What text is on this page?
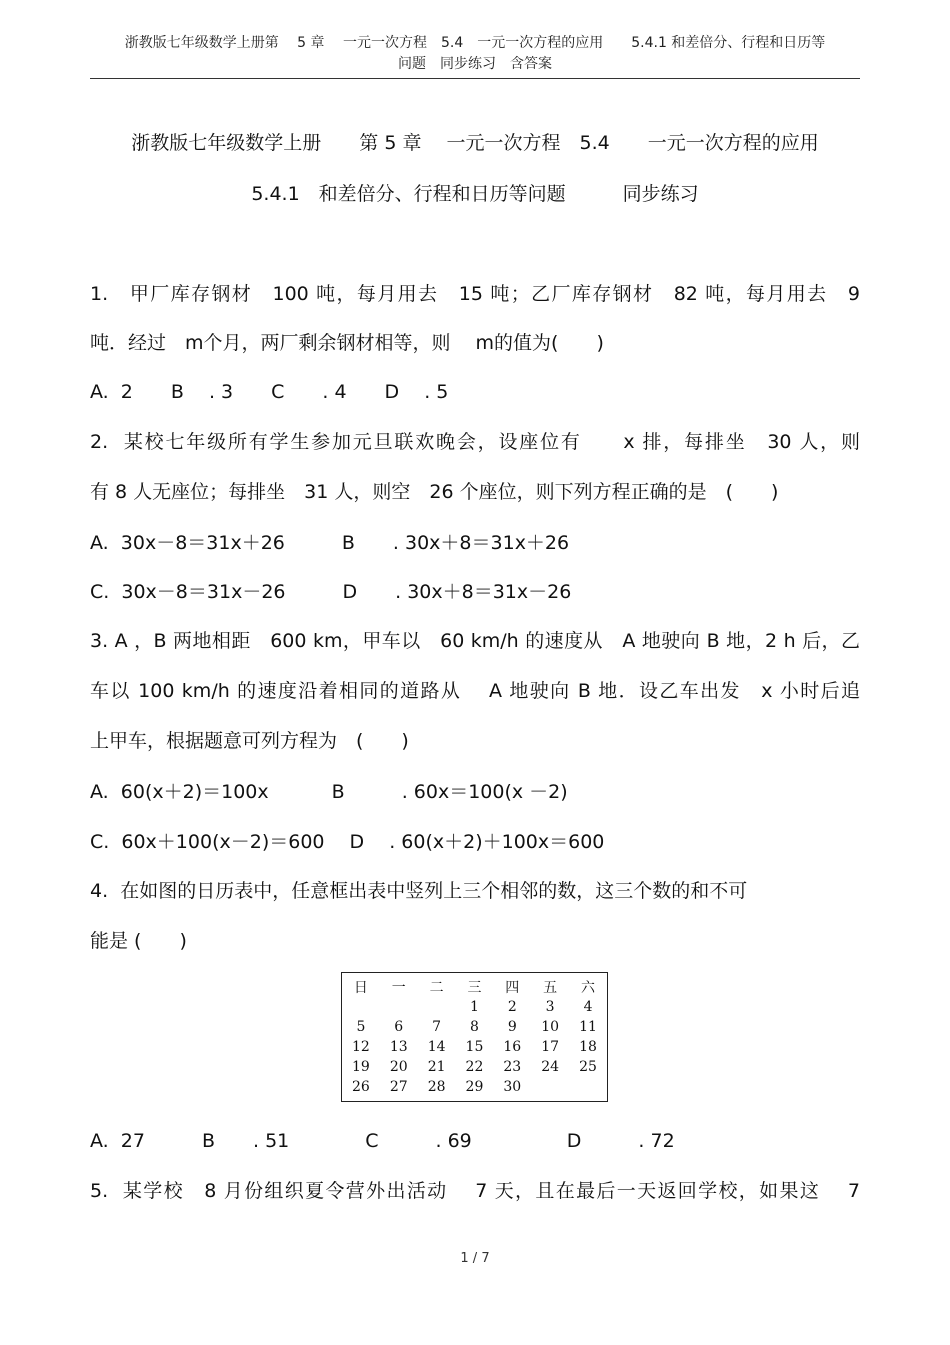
浙教版七年级数学上册第　 5 章　 一元一次方程　5.4　一元一次方程的应用　　5.4.1 和差倍分、行程和日历等
问题　同步练习　含答案
浙教版七年级数学上册　　第 5 章　 一元一次方程　5.4　　一元一次方程的应用
5.4.1　和差倍分、行程和日历等问题　　　同步练习
1.　甲厂库存钢材　100 吨，每月用去　15 吨；乙厂库存钢材　82 吨，每月用去　9
吨．经过　m个月，两厂剩余钢材相等，则　 m的值为(　　)
A.  2　　B　 . 3　　C　　. 4　　D　 . 5
2.  某校七年级所有学生参加元旦联欢晚会，设座位有　　x 排，每排坐　30 人，则
有 8 人无座位；每排坐　31 人，则空　26 个座位，则下列方程正确的是　(　　)
A.  30x－8＝31x＋26　　　B　　. 30x＋8＝31x＋26
C.  30x－8＝31x－26　　　D　　. 30x＋8＝31x－26
3. A ，B 两地相距　600 km，甲车以　60 km/h 的速度从　A 地驶向 B 地，2 h 后，乙
车以 100 km/h 的速度沿着相同的道路从　 A 地驶向 B 地．设乙车出发　x 小时后追
上甲车，根据题意可列方程为　(　　)
A.  60(x＋2)＝100x　　　 B　　　. 60x＝100(x －2)
C.  60x＋100(x－2)＝600　 D　 . 60(x＋2)＋100x＝600
4.  在如图的日历表中，任意框出表中竖列上三个相邻的数，这三个数的和不可
能是 (　　)
日	一	二	三	四	五	六
			1	2	3	4
5	6	7	8	9	10	11
12	13	14	15	16	17	18
19	20	21	22	23	24	25
26	27	28	29	30		
A.  27　　　B　　. 51　　　　C　　　. 69　　　　　D　　　. 72
5.  某学校　8 月份组织夏令营外出活动　 7 天，且在最后一天返回学校，如果这　 7
1 / 7
